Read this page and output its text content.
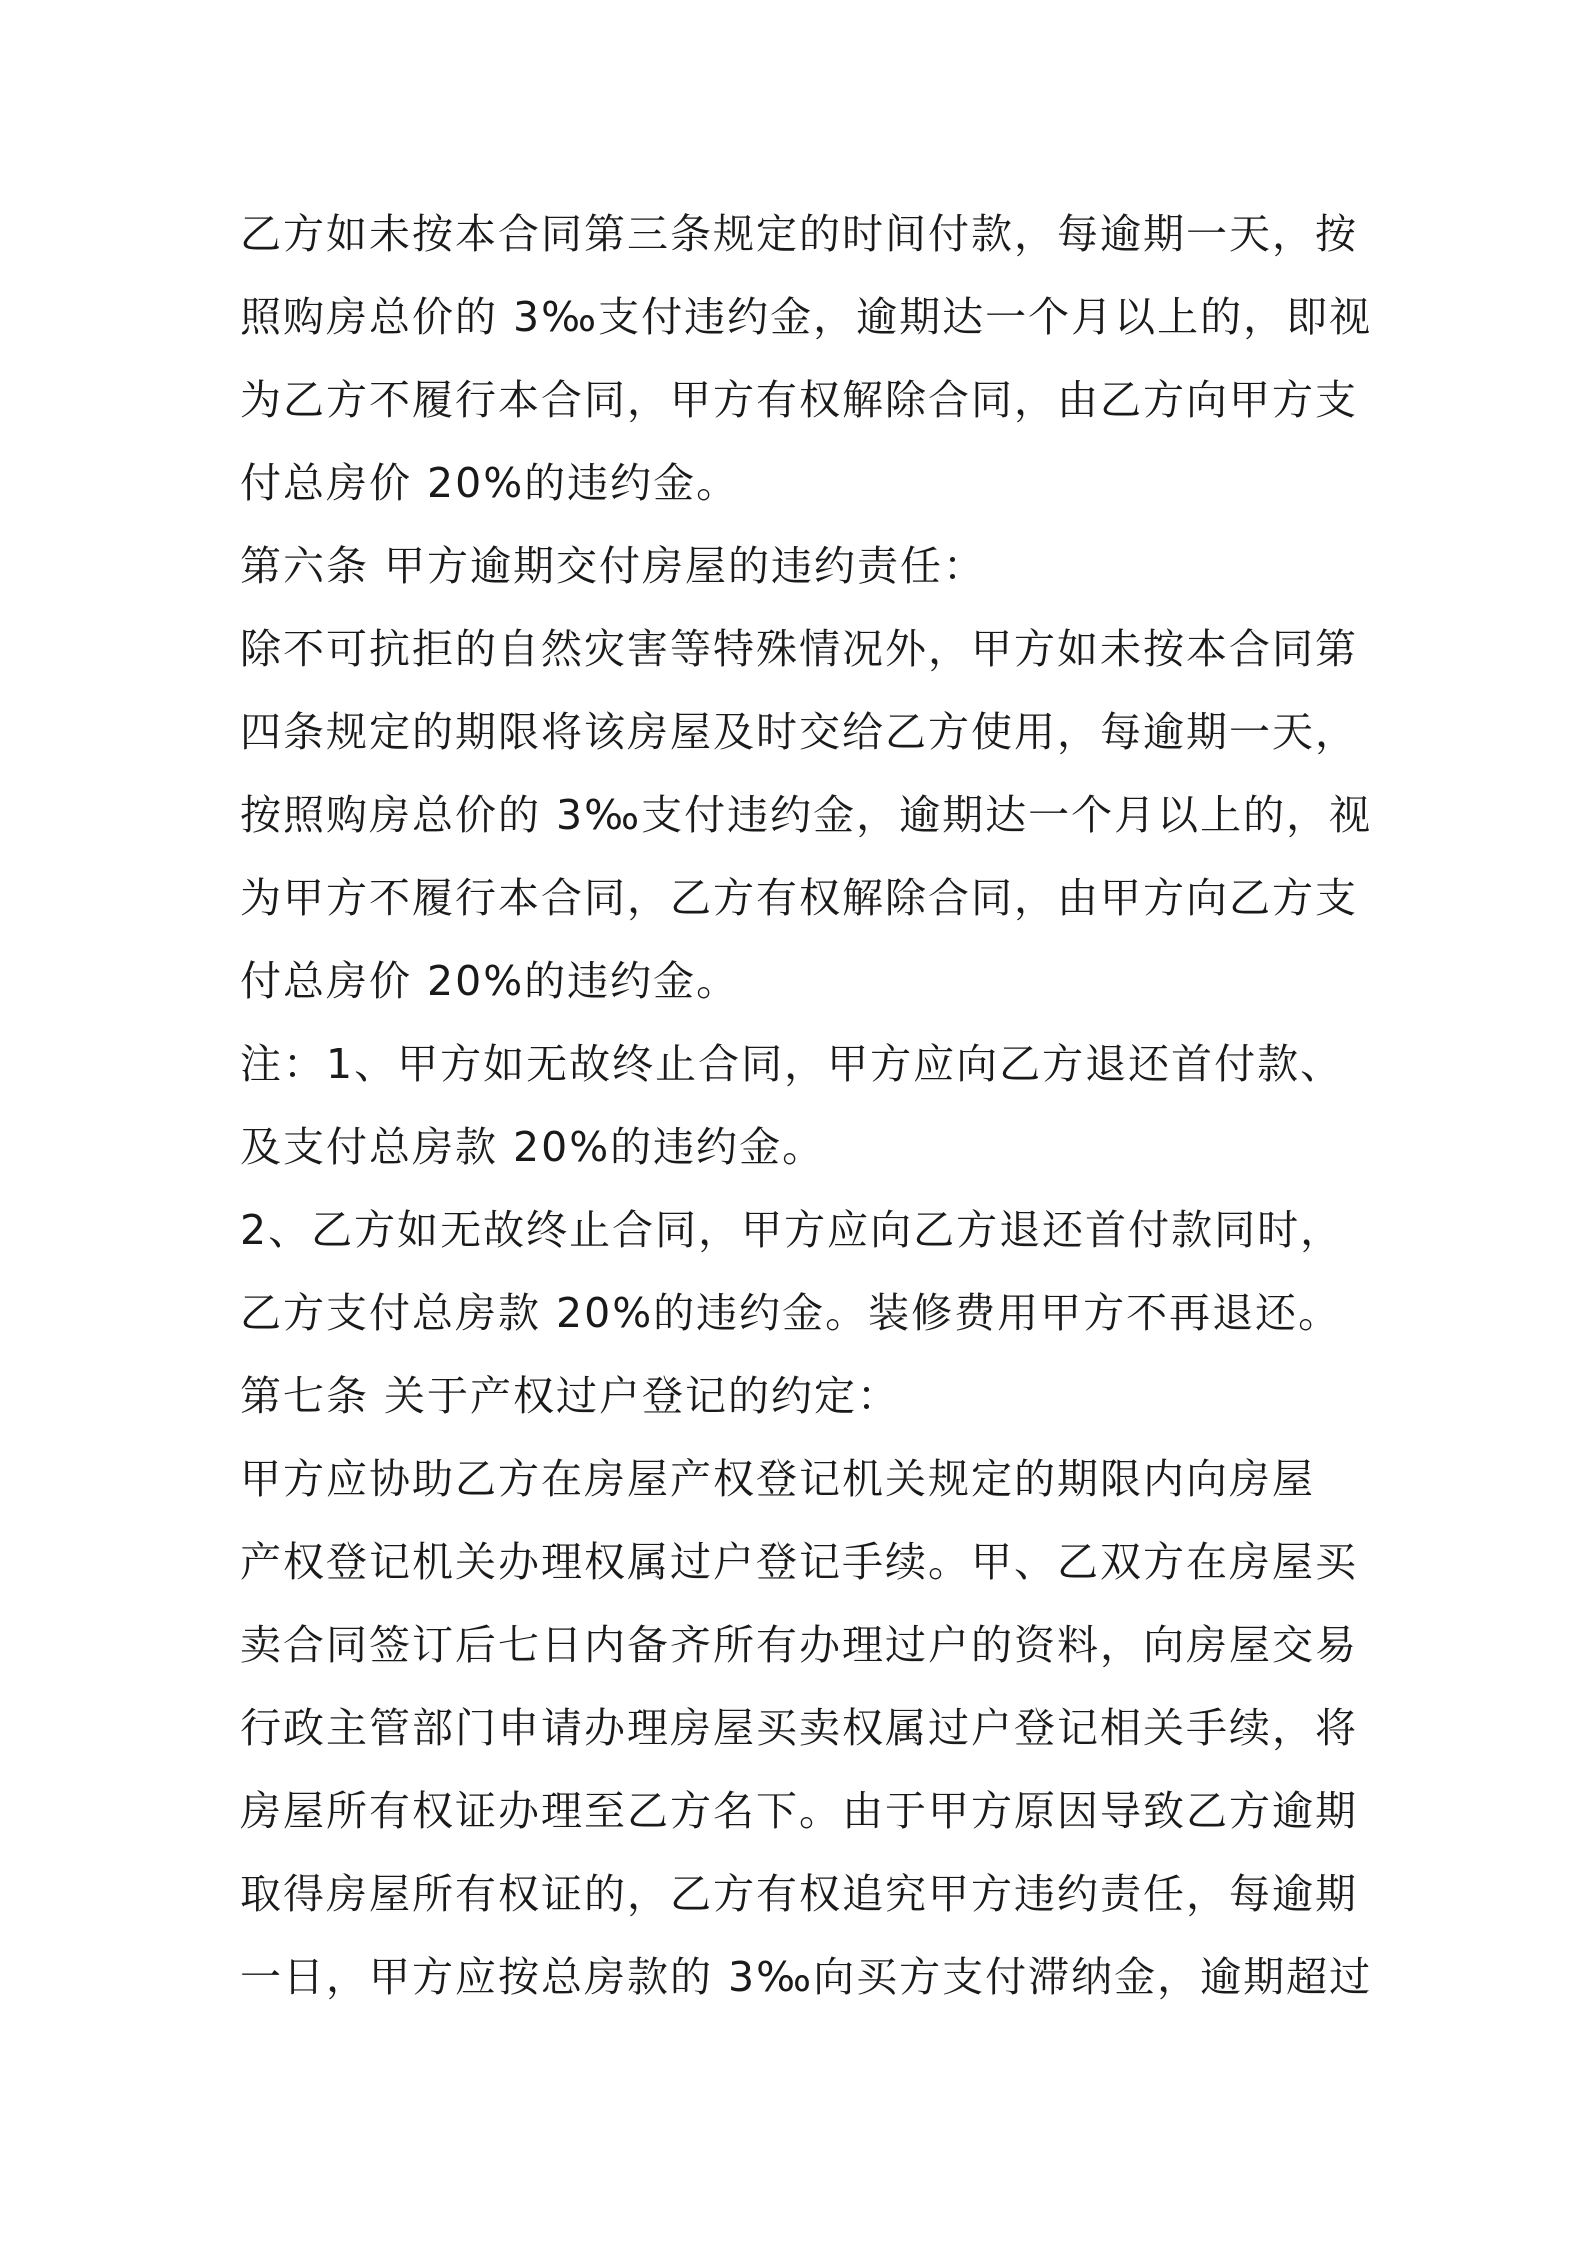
乙方如未按本合同第三条规定的时间付款，每逾期一天，按
照购房总价的 3‰支付违约金，逾期达一个月以上的，即视
为乙方不履行本合同，甲方有权解除合同，由乙方向甲方支
付总房价 20%的违约金。
第六条 甲方逾期交付房屋的违约责任：
除不可抗拒的自然灾害等特殊情况外，甲方如未按本合同第
四条规定的期限将该房屋及时交给乙方使用，每逾期一天，
按照购房总价的 3‰支付违约金，逾期达一个月以上的，视
为甲方不履行本合同，乙方有权解除合同，由甲方向乙方支
付总房价 20%的违约金。
注：1、甲方如无故终止合同，甲方应向乙方退还首付款、
及支付总房款 20%的违约金。
2、乙方如无故终止合同，甲方应向乙方退还首付款同时，
乙方支付总房款 20%的违约金。装修费用甲方不再退还。
第七条 关于产权过户登记的约定：
甲方应协助乙方在房屋产权登记机关规定的期限内向房屋
产权登记机关办理权属过户登记手续。甲、乙双方在房屋买
卖合同签订后七日内备齐所有办理过户的资料，向房屋交易
行政主管部门申请办理房屋买卖权属过户登记相关手续，将
房屋所有权证办理至乙方名下。由于甲方原因导致乙方逾期
取得房屋所有权证的，乙方有权追究甲方违约责任，每逾期
一日，甲方应按总房款的 3‰向买方支付滞纳金，逾期超过
